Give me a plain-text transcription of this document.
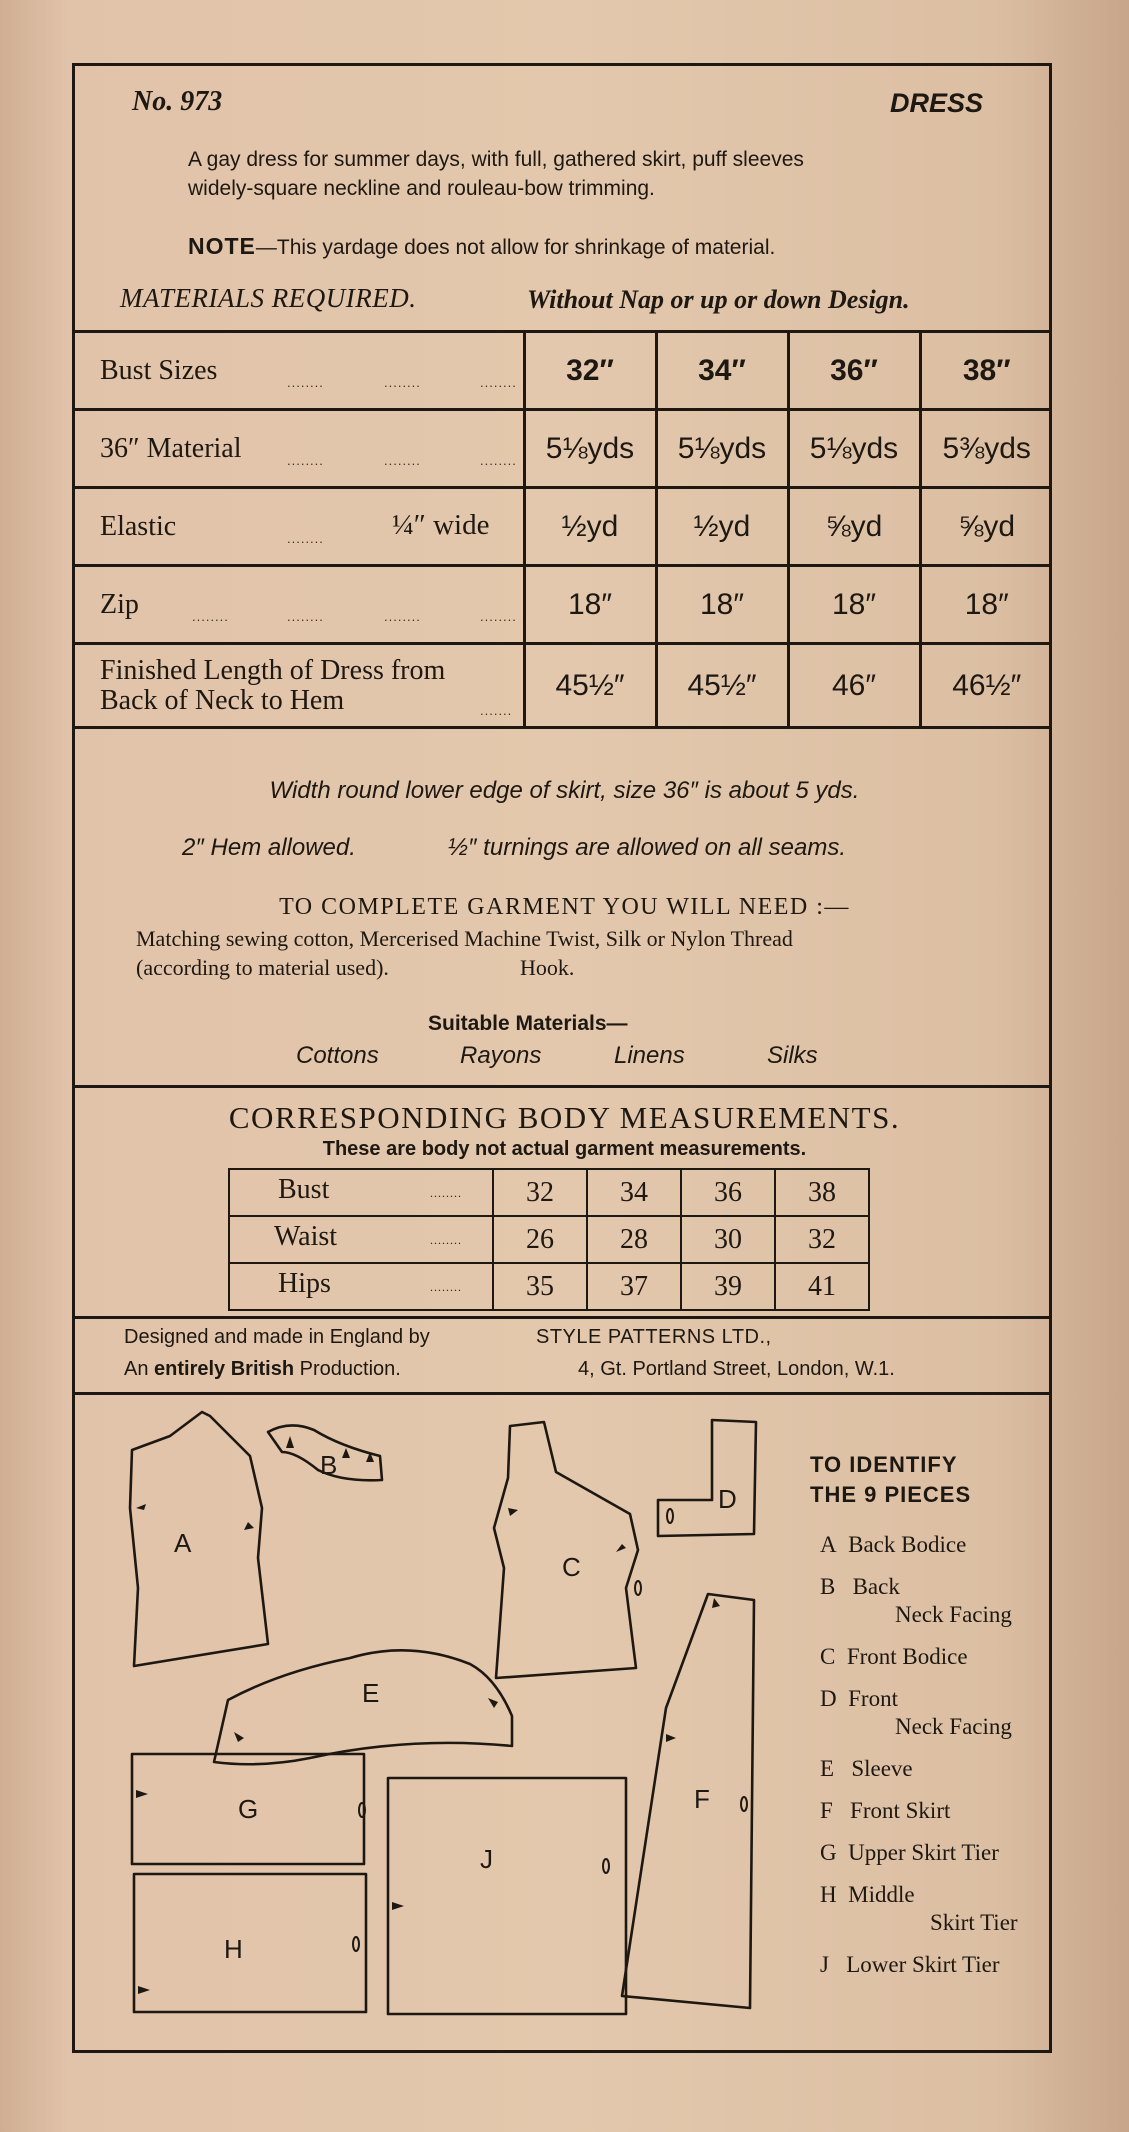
No. 973	DRESS
A gay dress for summer days, with full, gathered skirt, puff sleeves
widely-square neckline and rouleau-bow trimming.
NOTE—This yardage does not allow for shrinkage of material.
MATERIALS REQUIRED.	Without Nap or up or down Design.
Bust Sizes ........ ........ ........	32″	34″	36″	38″

36″ Material ........ ........ ........	5⅛yds	5⅛yds	5⅛yds	5⅜yds

Elastic ........ ¼″ wide	½yd	½yd	⅝yd	⅝yd

Zip ........ ........ ........ ........	18″	18″	18″	18″

Finished Length of Dress from
Back of Neck to Hem .......	45½″	45½″	46″	46½″
Width round lower edge of skirt, size 36″ is about 5 yds.
2″ Hem allowed.	½″ turnings are allowed on all seams.
TO COMPLETE GARMENT YOU WILL NEED :—
Matching sewing cotton, Mercerised Machine Twist, Silk or Nylon Thread
(according to material used).	Hook.
Suitable Materials—
Cottons	Rayons	Linens	Silks
CORRESPONDING BODY MEASUREMENTS.
These are body not actual garment measurements.
Bust ........	32	34	36	38

Waist ........	26	28	30	32

Hips ........	35	37	39	41
Designed and made in England by	STYLE PATTERNS LTD.,
An entirely British Production.	4, Gt. Portland Street, London, W.1.
A
B
C
D
E
F
G
H
J
TO IDENTIFY
THE 9 PIECES
A Back Bodice
B Back
Neck Facing
C Front Bodice
D Front
Neck Facing
E Sleeve
F Front Skirt
G Upper Skirt Tier
H Middle
Skirt Tier
J Lower Skirt Tier
